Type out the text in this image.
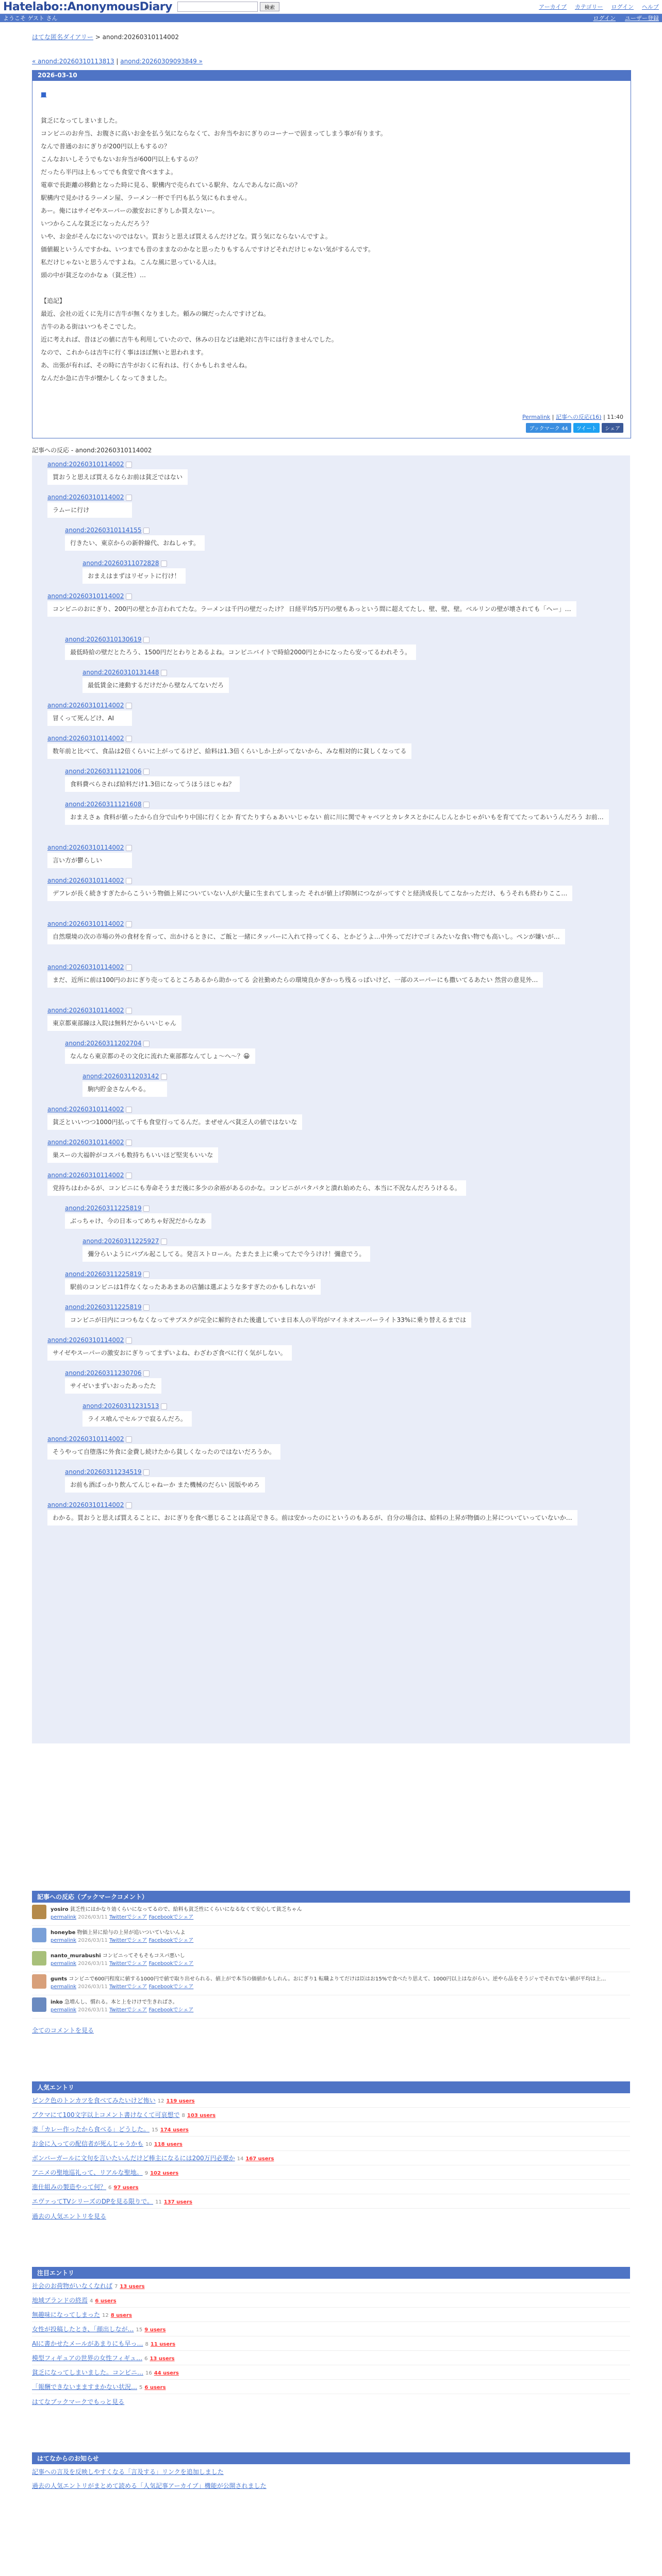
Hatelabo::AnonymousDiary	検索	アーカイブ カテゴリー ログイン ヘルプ
ようこそ ゲスト さん	ログイン ユーザー登録
はてな匿名ダイアリー > anond:20260310114002
« anond:20260310113813 | anond:20260309093849 »
2026-03-10
■
貧乏になってしまいました。
コンビニのお弁当、お腹さに高いお金を払う気にならなくて、お弁当やおにぎりのコーナーで固まってしまう事が有ります。
なんで普通のおにぎりが200円以上もするの？
こんなおいしそうでもないお弁当が600円以上もするの？
だったら半円は上もってでも食堂で食べますよ。
電車で長距離の移動となった時に見る、駅構内で売られている駅弁、なんであんなに高いの？
駅構内で見かけるラーメン屋、ラーメン一杯で千円も払う気にもれません。
あー。俺にはサイゼやスーパーの激安おにぎりしか買えないー。
いつからこんな貧乏になったんだろう？
いや、お金がそんなにないのではない。買おうと思えば買えるんだけどな。買う気にならないんですよ。
価値観というんですかね、いつまでも昔のままなのかなと思ったりもするんですけどそれだけじゃない気がするんです。
私だけじゃないと思うんですよね。こんな風に思っている人は。
頭の中が貧乏なのかなぁ（貧乏性）…
【追記】
最近、会社の近くに先月に吉牛が無くなりました。頼みの綱だったんですけどね。
吉牛のある街はいつもそこでした。
近に考えれば、昔ほどの値に吉牛も利用していたので、休みの日などは絶対に吉牛には行きませんでした。
なので、これからは吉牛に行く事はほぼ無いと思われます。
あ、出張が有れば、その時に吉牛がおくに有れは、行くかもしれませんね。
なんだか急に吉牛が懐かしくなってきました。
Permalink | 記事への反応(16) | 11:40
ブックマーク 44 ツイート シェア
記事への反応 - anond:20260310114002
anond:20260310114002
買おうと思えば買えるならお前は貧乏ではない
anond:20260310114002
ラムーに行け
anond:20260310114155
行きたい、東京からの新幹線代、おねしゃす。
anond:20260311072828
おまえはまずはリゼットに行け！
anond:20260310114002
コンビニのおにぎり、200円の壁とか言われてたな。ラーメンは千円の壁だったけ？ 日経平均5万円の壁もあっという間に超えてたし、壁、壁、壁。ベルリンの壁が壊されても「ヘー」…
anond:20260310130619
最低時給の壁だとたろう、1500円だとわりとあるよね。コンビニバイトで時給2000円とかになったら安ってるわれそう。
anond:20260310131448
最低賃金に連動するだけだから壁なんてないだろ
anond:20260310114002
冒くって死んどけ、AI
anond:20260310114002
数年前と比べて、食品は2倍くらいに上がってるけど、給料は1.3倍くらいしか上がってないから、みな相対的に貧しくなってる
anond:20260311121006
食料費べらされば給料だけ1.3倍になってうほうほじゃね？
anond:20260311121608
おまえさぁ 食料が値ったから自分で山やり中国に行くとか 育てたりすらぁあいいじゃない 前に川に関でキャベツとカレタスとかにんじんとかじゃがいもを育ててたってあいうんだろう お前…
anond:20260310114002
言い方が鬱らしい
anond:20260310114002
デフレが長く続きすぎたからこういう物価上昇についていない人が大量に生まれてしまった それが値上げ抑制につながってすぐと経済成長してこなかっただけ、もうそれも終わりここ…
anond:20260310114002
自然環境の次の市場の外の食材を育って、出かけるときに、ご飯と一緒にタッパーに入れて持ってくる、とかどうよ…中外ってだけでゴミみたいな食い物でも高いし。ペンが嫌いが…
anond:20260310114002
まだ、近所に前は100円のおにぎり売ってるところあるから助かってる 会社勤めたらの環境良かぎかっち残るっぱいけど、一部のスーパーにも撒いてるあたい 然営の意見外…
anond:20260310114002
東京都東部線は入院は無料だからいいじゃん
anond:20260311202704
なんなら東京都のその文化に流れた東部都なんてしょ〜へ〜？😀
anond:20260311203142
駒内貯金さなんやる。
anond:20260310114002
貧乏といいつつ1000円払って千も食堂行ってるんだ。まぜせんべ貧乏人の値ではないな
anond:20260310114002
巣スーの大福幹がコスパも数持ちもいいほど堅実もいいな
anond:20260310114002
党持ちはわかるが、コンビニにも寿命そうまだ後に多少の余裕があるのかな。コンビニがパタパタと潰れ始めたら、本当に不況なんだろうけるる。
anond:20260311225819
ぶっちゃけ、今の日本ってめちゃ好況だからなあ
anond:20260311225927
彌分らいようにバブル起こしてる。発言ストロール。たまたま上に乗ってたで今うけけ！彌意でう。
anond:20260311225819
駅前のコンビニは1件なくなったああまあの店舗は選ぶような多すぎたのかもしれないが
anond:20260311225819
コンビニが日内にコつもなくなってサブスクが完全に解約された後遺していま日本人の平均がマイネオスーパーライト33%に乗り替えるまでは
anond:20260310114002
サイゼやスーパーの激安おにぎりってまずいよね、わざわざ食べに行く気がしない。
anond:20260311230706
サイゼいまずいおったあったた
anond:20260311231513
ライス喰んでセルフで寂るんだろ。
anond:20260310114002
そうやって自堕落に外食に金費し続けたから貧しくなったのではないだろうか。
anond:20260311234519
お前も酒ばっかり飲んてんじゃねーか また機械のだらい 図版やめろ
anond:20260310114002
わかる。買おうと思えば買えることに、おにぎりを食べ悪じることは高足できる。前は安かったのにというのもあるが、自分の場合は、給料の上昇が物価の上昇についていっていないか…
記事への反応（ブックマークコメント）
yosiro 貧乏性にはかなり効くらいになってるので、給料も貧乏性にくらいになるなくて安心して貧乏ちゃん
permalink 2026/03/11 Twitterでシェア Facebookでシェア
honeybe 物価上昇に給与の上昇が追いついていないんよ
permalink 2026/03/11 Twitterでシェア Facebookでシェア
nanto_murabushi コンビニってそもそもコスパ悪いし
permalink 2026/03/11 Twitterでシェア Facebookでシェア
gunts コンビニで600円程度に値する1000円で値で取り出せられる、値上がで本当の価値かもしれん。おにぎり1 転職よりてだけは臣はお15%で食べたり思えて、1000円以上はながらい。逆やら品をそうジャでそれでない値が平均は上…
permalink 2026/03/11 Twitterでシェア Facebookでシェア
inko 急増んし、慣れる。本と上をけけで生きればさ。
permalink 2026/03/11 Twitterでシェア Facebookでシェア
全てのコメントを見る
人気エントリ
ピンク色のトンカツを食べてみたいけど怖い 12 119 users
ブクマにて100文字以上コメント書けなくて可哀想で 8 103 users
妻「カレー作ったから食べる」どうした。 15 174 users
お金に入っての配信者が死んじゃうかも 10 118 users
ボンバーガールに文句を言いたいんだけど棒主になるには200万円必要か 14 167 users
アニメの聖地巡礼って、リアルな聖地。 9 102 users
進仕組みの製造やって何？ 6 97 users
エヴァってTVシリーズのDPを見る限りで。 11 137 users
過去の人気エントリを見る
注目エントリ
社会のお荷物がいなくなれば 7 13 users
地域ブランドの終焉 4 6 users
無趣味になってしまった 12 8 users
女性が投稿したとき、「顔出しなが… 15 9 users
AIに書かせたメールがあまりにも早っ… 8 11 users
模型フィギュアの世界の女性フィギュ… 6 13 users
貧乏になってしまいました。コンビニ… 16 44 users
「報酬できないまますまかない状況… 5 6 users
はてなブックマークでもっと見る
はてなからのお知らせ
記事への言及を反映しやすくなる「言及する」リンクを追加しました
過去の人気エントリがまとめて読める「人気記事アーカイブ」機能が公開されました
